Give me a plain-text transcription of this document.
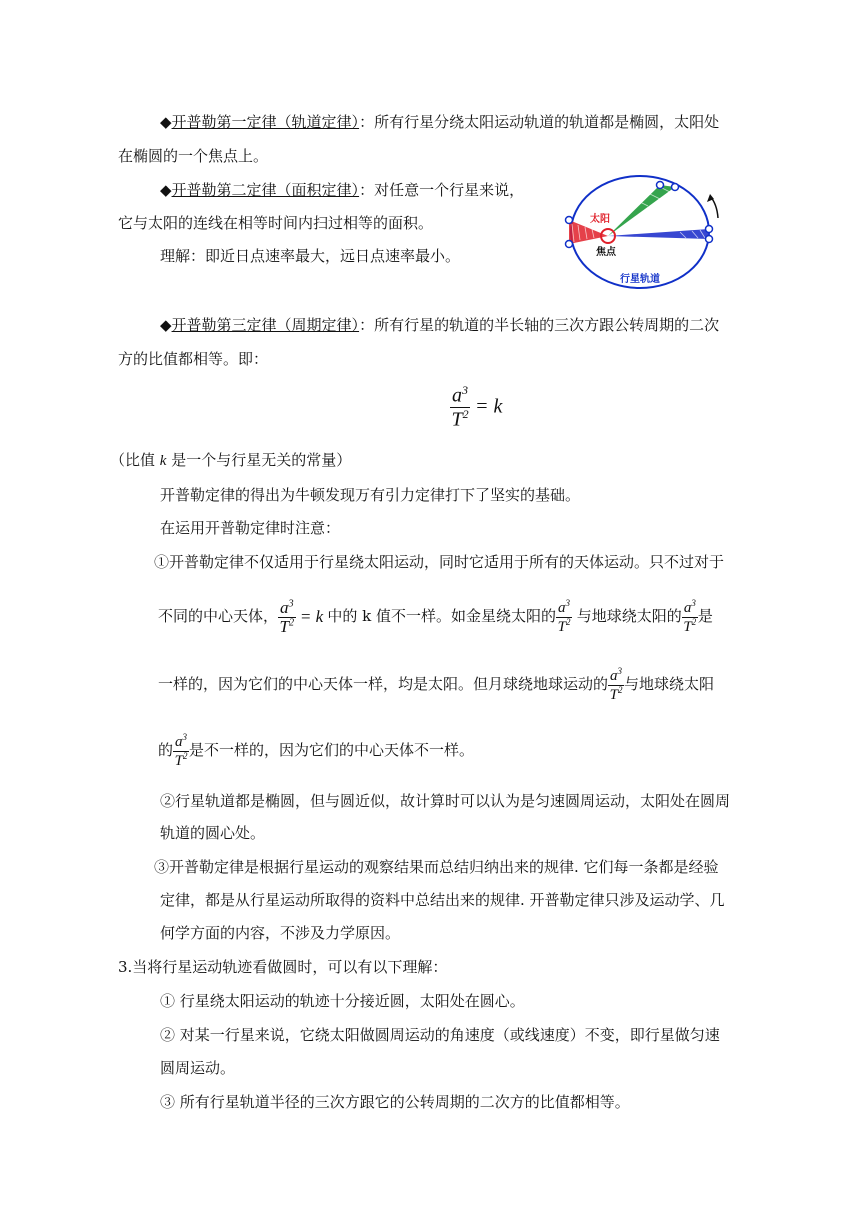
◆开普勒第一定律（轨道定律）：所有行星分绕太阳运动轨道的轨道都是椭圆，太阳处
在椭圆的一个焦点上。
◆开普勒第二定律（面积定律）：对任意一个行星来说，
它与太阳的连线在相等时间内扫过相等的面积。
理解：即近日点速率最大，远日点速率最小。
太阳
焦点
行星轨道
◆开普勒第三定律（周期定律）：所有行星的轨道的半长轴的三次方跟公转周期的二次
方的比值都相等。即：
$\frac{a^3}{T^2} = k$
（比值 k 是一个与行星无关的常量）
开普勒定律的得出为牛顿发现万有引力定律打下了坚实的基础。
在运用开普勒定律时注意：
①开普勒定律不仅适用于行星绕太阳运动，同时它适用于所有的天体运动。只不过对于
不同的中心天体， $\frac{a^3}{T^2} = k$ 中的 k 值不一样。如金星绕太阳的 $\frac{a^3}{T^2}$ 与地球绕太阳的 $\frac{a^3}{T^2}$ 是
一样的，因为它们的中心天体一样，均是太阳。但月球绕地球运动的 $\frac{a^3}{T^2}$ 与地球绕太阳
的 $\frac{a^3}{T^2}$ 是不一样的，因为它们的中心天体不一样。
②行星轨道都是椭圆，但与圆近似，故计算时可以认为是匀速圆周运动，太阳处在圆周
轨道的圆心处。
③开普勒定律是根据行星运动的观察结果而总结归纳出来的规律. 它们每一条都是经验
定律，都是从行星运动所取得的资料中总结出来的规律. 开普勒定律只涉及运动学、几
何学方面的内容，不涉及力学原因。
3.当将行星运动轨迹看做圆时，可以有以下理解：
① 行星绕太阳运动的轨迹十分接近圆，太阳处在圆心。
② 对某一行星来说，它绕太阳做圆周运动的角速度（或线速度）不变，即行星做匀速
圆周运动。
③ 所有行星轨道半径的三次方跟它的公转周期的二次方的比值都相等。
